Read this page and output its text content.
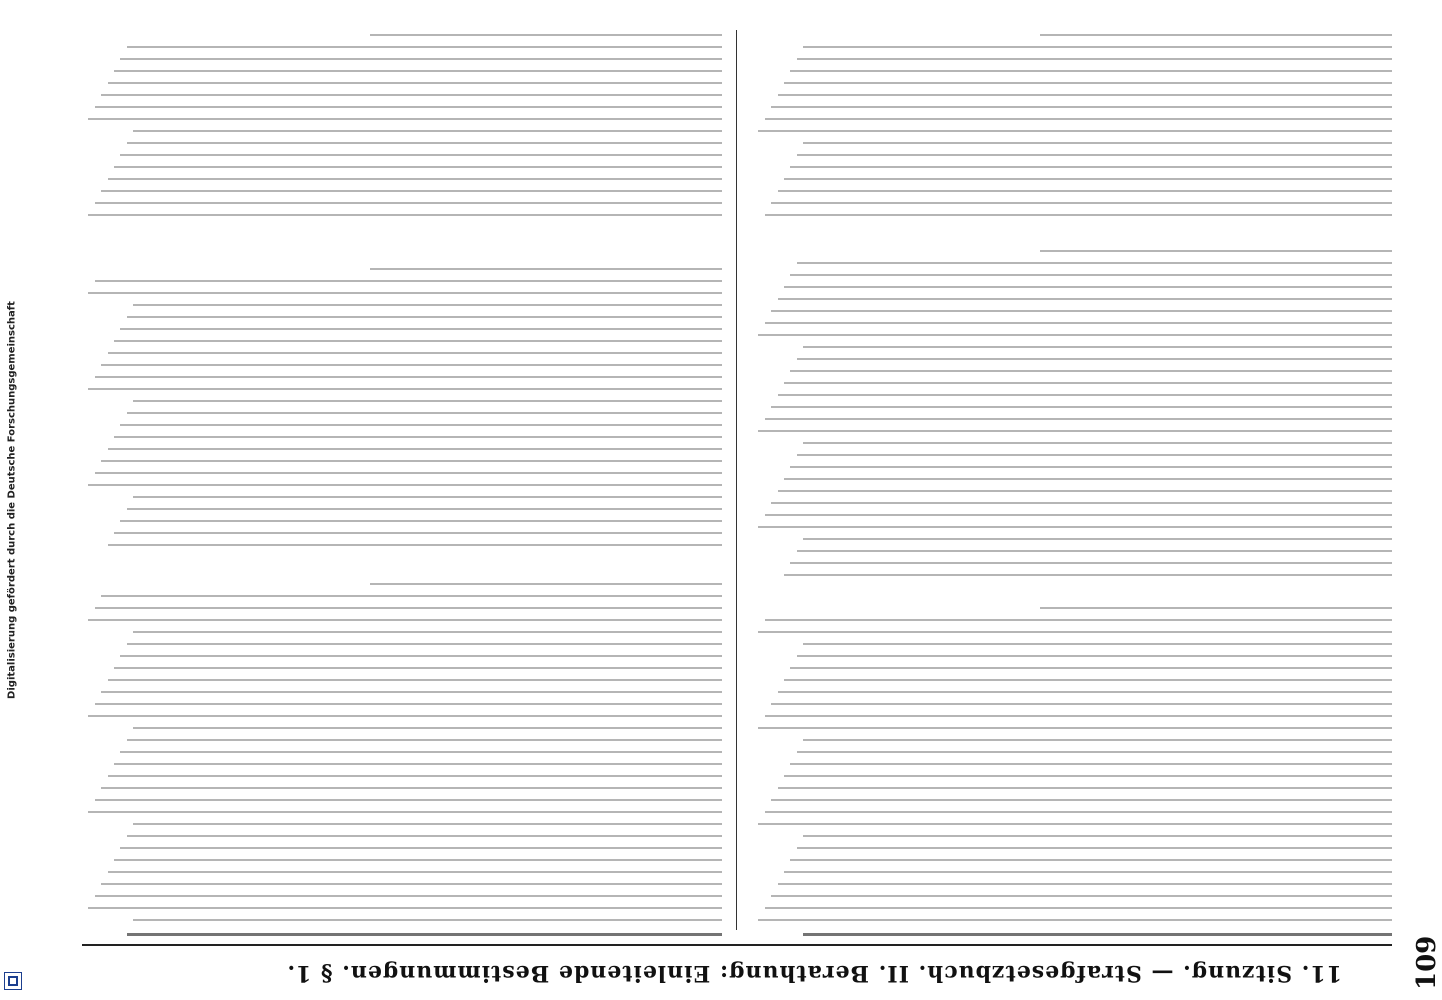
Digitalisierung gefördert durch die Deutsche Forschungsgemeinschaft
109
11. Sitzung. — Strafgesetzbuch. II. Berathung: Einleitende Bestimmungen. § 1.
